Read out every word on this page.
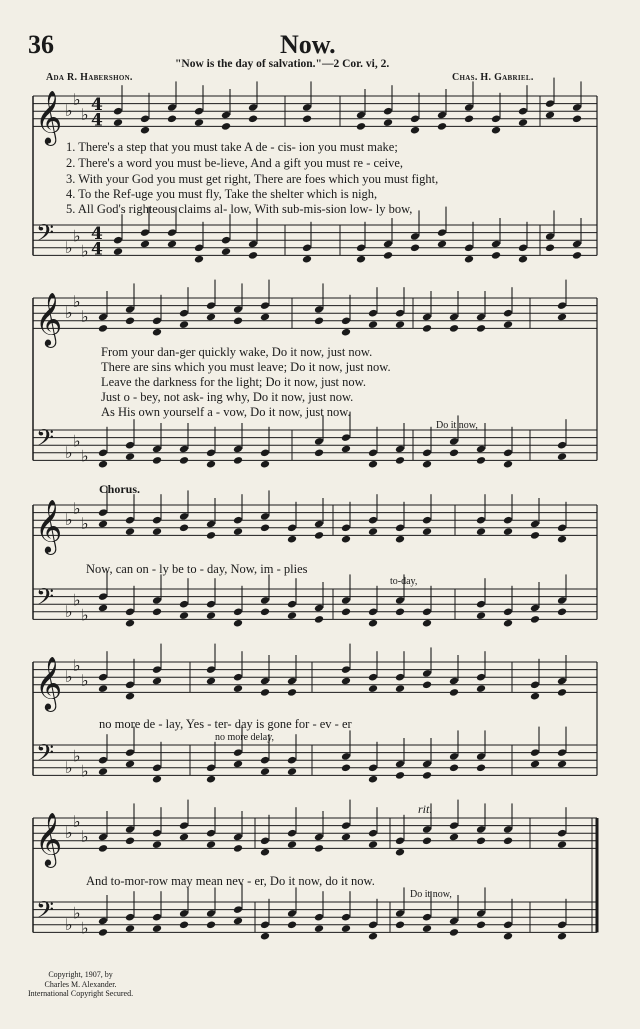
𝄞 ♭
♭
♭ 4
4
𝄢 ♭
♭
♭
4
4
𝄞 ♭
♭
♭
𝄢 ♭
♭
♭
𝄞 ♭
♭
♭
𝄢 ♭
♭
♭
𝄞 ♭
♭
♭
𝄢 ♭
♭
♭
𝄞 ♭
♭
♭
𝄢 ♭
♭
♭
36	Now.
"Now is the day of salvation."—2 Cor. vi, 2.
Ada R. Habershon.	Chas. H. Gabriel.
1. There's a step that you must take A de - cis- ion you must make;
2. There's a word you must be-lieve, And a gift you must re - ceive,
3. With your God you must get right, There are foes which you must fight,
4. To the Ref-uge you must fly, Take the shelter which is nigh,
5. All God's righteous claims al- low, With sub-mis-sion low- ly bow,
From your dan-ger quickly wake, Do it now, just now.
There are sins which you must leave; Do it now, just now.
Leave the darkness for the light; Do it now, just now.
Just o - bey, not ask- ing why, Do it now, just now.
As His own yourself a - vow, Do it now, just now.
Do it now,
Chorus.
Now, can on - ly be to - day, Now, im - plies
to-day,
no more de - lay, Yes - ter- day is gone for - ev - er
no more delay,
rit.
And to-mor-row may mean nev - er, Do it now, do it now.
Do it now,
Copyright, 1907, by
Charles M. Alexander.
International Copyright Secured.
